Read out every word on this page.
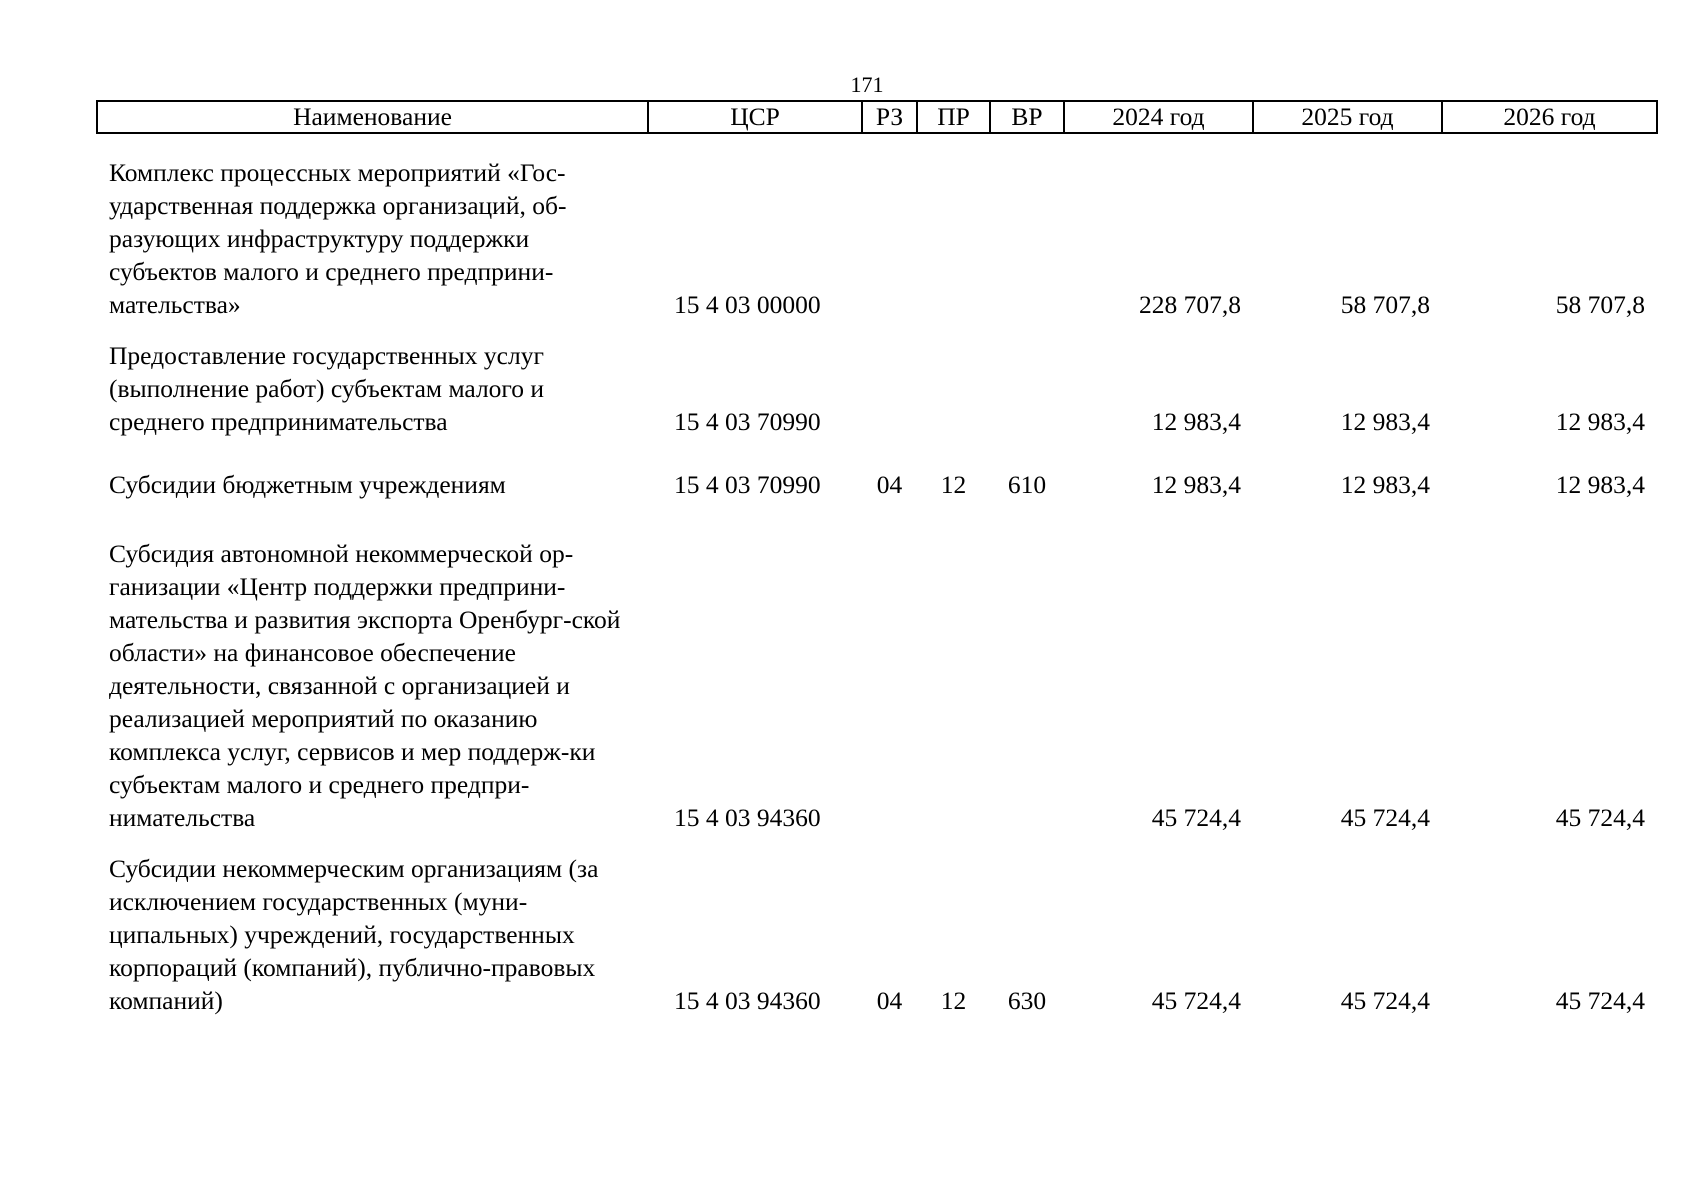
171
Наименование	ЦСР	РЗ	ПР	ВР	2024 год	2025 год	2026 год

Комплекс процессных мероприятий «Гос-ударственная поддержка организаций, об-разующих инфраструктуру поддержки субъектов малого и среднего предприни-мательства»	15 4 03 00000				228 707,8	58 707,8	58 707,8
Предоставление государственных услуг (выполнение работ) субъектам малого и среднего предпринимательства	15 4 03 70990				12 983,4	12 983,4	12 983,4
Субсидии бюджетным учреждениям	15 4 03 70990	04	12	610	12 983,4	12 983,4	12 983,4
Субсидия автономной некоммерческой ор-ганизации «Центр поддержки предприни-мательства и развития экспорта Оренбург-ской области» на финансовое обеспечение деятельности, связанной с организацией и реализацией мероприятий по оказанию комплекса услуг, сервисов и мер поддерж-ки субъектам малого и среднего предпри-нимательства	15 4 03 94360				45 724,4	45 724,4	45 724,4
Субсидии некоммерческим организациям (за исключением государственных (муни-ципальных) учреждений, государственных корпораций (компаний), публично-правовых компаний)	15 4 03 94360	04	12	630	45 724,4	45 724,4	45 724,4
